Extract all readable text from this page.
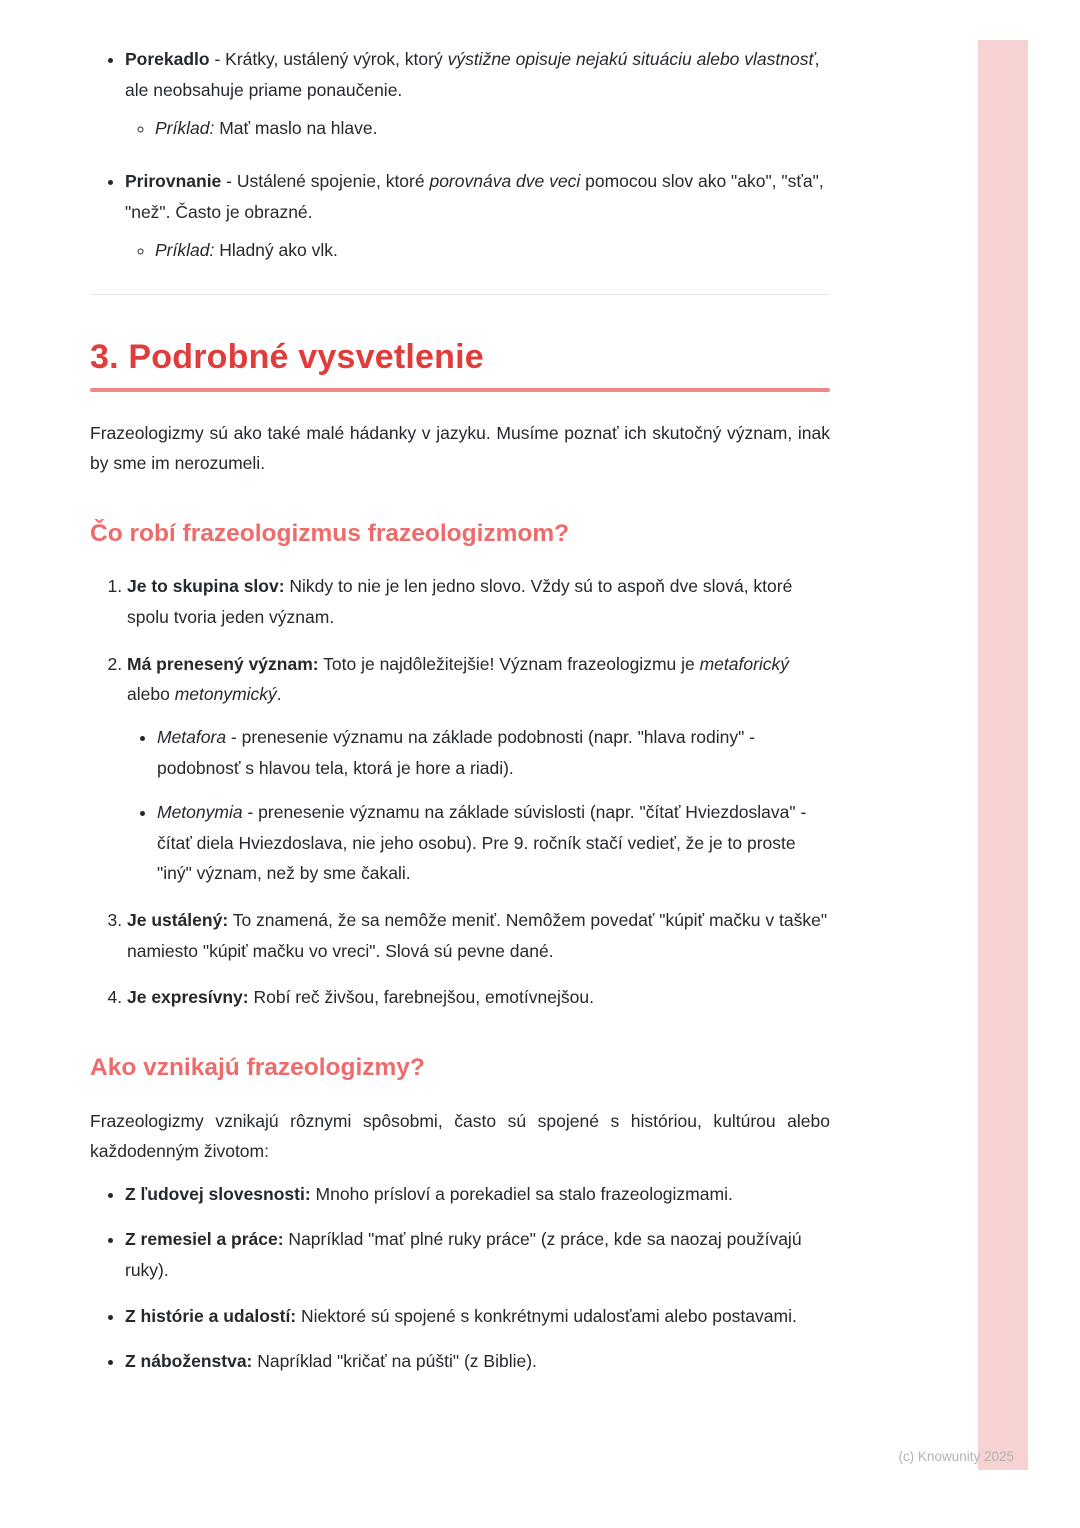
• Porekadlo - Krátky, ustálený výrok, ktorý výstižne opisuje nejakú situáciu alebo vlastnosť, ale neobsahuje priame ponaučenie.
◦ Príklad: Mať maslo na hlave.
• Prirovnanie - Ustálené spojenie, ktoré porovnáva dve veci pomocou slov ako "ako", "sťa", "než". Často je obrazné.
◦ Príklad: Hladný ako vlk.
3. Podrobné vysvetlenie

Frazeologizmy sú ako také malé hádanky v jazyku. Musíme poznať ich skutočný význam, inak by sme im nerozumeli.

Čo robí frazeologizmus frazeologizmom?
1. Je to skupina slov: Nikdy to nie je len jedno slovo. Vždy sú to aspoň dve slová, ktoré spolu tvoria jeden význam.
2. Má prenesený význam: Toto je najdôležitejšie! Význam frazeologizmu je metaforický alebo metonymický.
• Metafora - prenesenie významu na základe podobnosti (napr. "hlava rodiny" - podobnosť s hlavou tela, ktorá je hore a riadi).
• Metonymia - prenesenie významu na základe súvislosti (napr. "čítať Hviezdoslava" - čítať diela Hviezdoslava, nie jeho osobu). Pre 9. ročník stačí vedieť, že je to proste "iný" význam, než by sme čakali.
3. Je ustálený: To znamená, že sa nemôže meniť. Nemôžem povedať "kúpiť mačku v taške" namiesto "kúpiť mačku vo vreci". Slová sú pevne dané.
4. Je expresívny: Robí reč živšou, farebnejšou, emotívnejšou.
Ako vznikajú frazeologizmy?

Frazeologizmy vznikajú rôznymi spôsobmi, často sú spojené s históriou, kultúrou alebo každodenným životom:

• Z ľudovej slovesnosti: Mnoho prísloví a porekadiel sa stalo frazeologizmami.
• Z remesiel a práce: Napríklad "mať plné ruky práce" (z práce, kde sa naozaj používajú ruky).
• Z histórie a udalostí: Niektoré sú spojené s konkrétnymi udalosťami alebo postavami.
• Z náboženstva: Napríklad "kričať na púšti" (z Biblie).
(c) Knowunity 2025
